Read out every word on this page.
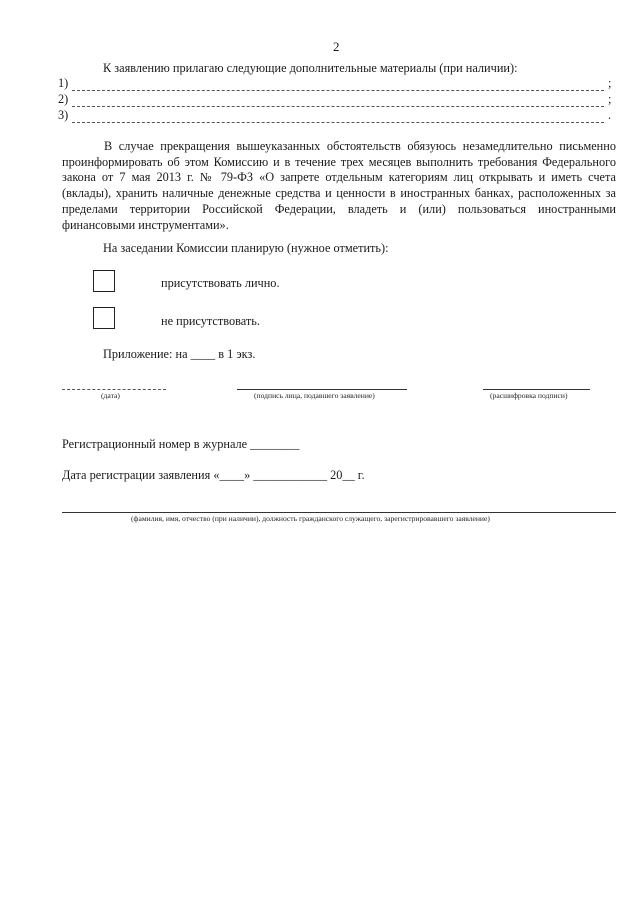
2
К заявлению прилагаю следующие дополнительные материалы (при наличии):
1)	;
2)	;
3)	.
В случае прекращения вышеуказанных обстоятельств обязуюсь незамедлительно письменно проинформировать об этом Комиссию и в течение трех месяцев выполнить требования Федерального закона от 7 мая 2013 г. № 79-ФЗ «О запрете отдельным категориям лиц открывать и иметь счета (вклады), хранить наличные денежные средства и ценности в иностранных банках, расположенных за пределами территории Российской Федерации, владеть и (или) пользоваться иностранными финансовыми инструментами».
На заседании Комиссии планирую (нужное отметить):
присутствовать лично.
не присутствовать.
Приложение: на ____ в 1 экз.
(дата)	(подпись лица, подавшего заявление)	(расшифровка подписи)
Регистрационный номер в журнале ________
Дата регистрации заявления «____» ____________ 20__ г.
(фамилия, имя, отчество (при наличии), должность гражданского служащего, зарегистрировавшего заявление)
